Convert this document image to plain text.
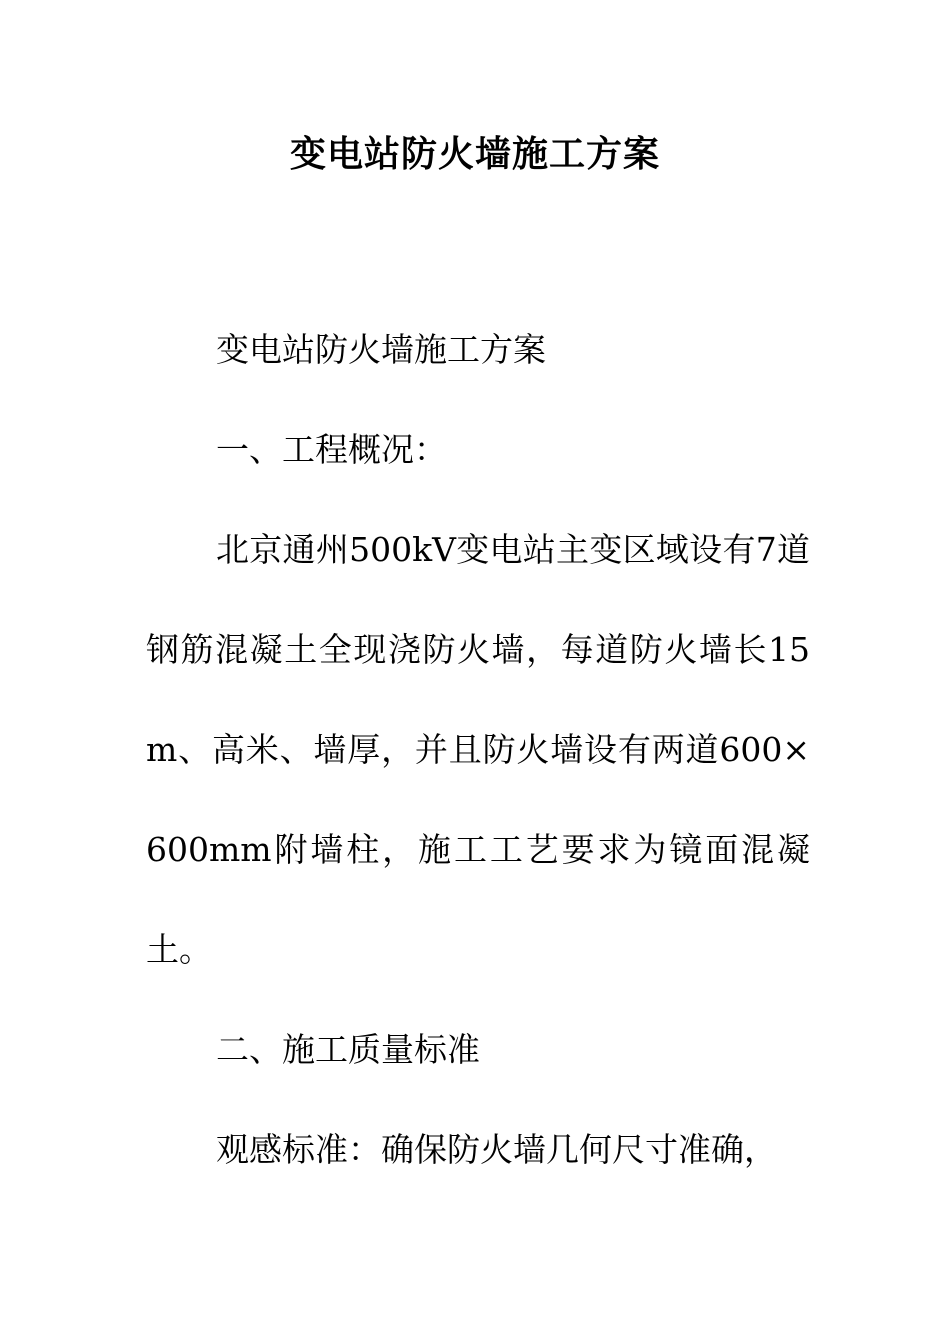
变电站防火墙施工方案

变电站防火墙施工方案

一、工程概况：

北京通州500kV变电站主变区域设有7道钢筋混凝土全现浇防火墙，每道防火墙长15m、高米、墙厚，并且防火墙设有两道600×600mm附墙柱，施工工艺要求为镜面混凝土。

二、施工质量标准

观感标准：确保防火墙几何尺寸准确，
